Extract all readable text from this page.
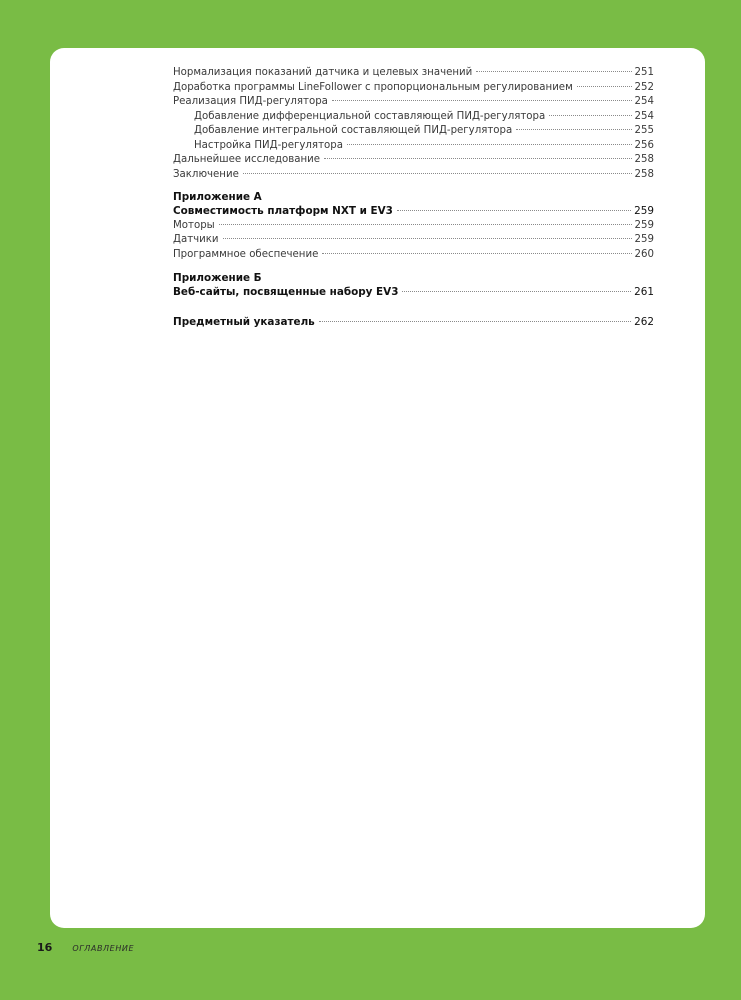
Нормализация показаний датчика и целевых значений	251
Доработка программы LineFollower с пропорциональным регулированием	252
Реализация ПИД-регулятора	254
Добавление дифференциальной составляющей ПИД-регулятора	254
Добавление интегральной составляющей ПИД-регулятора	255
Настройка ПИД-регулятора	256
Дальнейшее исследование	258
Заключение	258
Приложение А
Совместимость платформ NXT и EV3	259
Моторы	259
Датчики	259
Программное обеспечение	260
Приложение Б
Веб-сайты, посвященные набору EV3	261
Предметный указатель	262
16	ОГЛАВЛЕНИЕ
